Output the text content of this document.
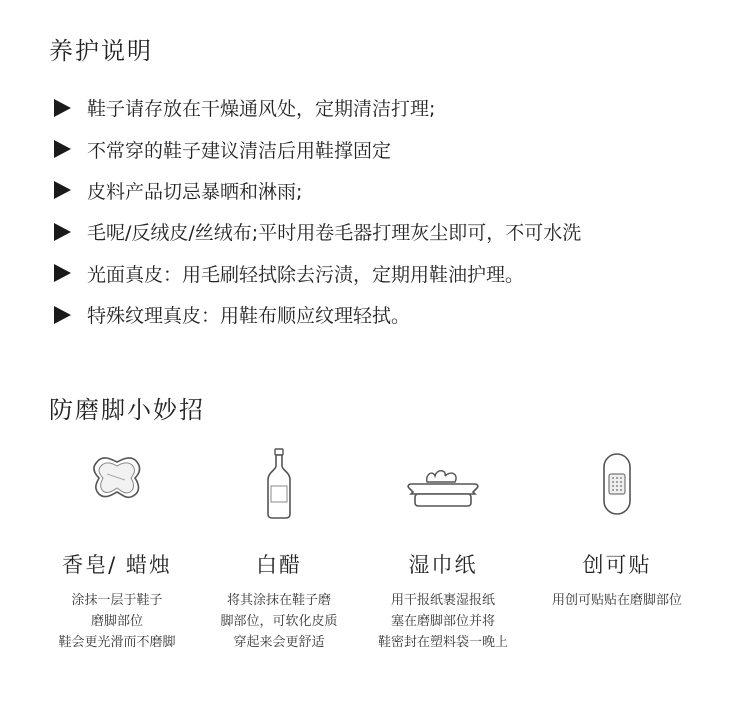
养护说明
鞋子请存放在干燥通风处，定期清洁打理;
不常穿的鞋子建议清洁后用鞋撑固定
皮料产品切忌暴晒和淋雨;
毛呢/反绒皮/丝绒布;平时用卷毛器打理灰尘即可，不可水洗
光面真皮：用毛刷轻拭除去污渍，定期用鞋油护理。
特殊纹理真皮：用鞋布顺应纹理轻拭。
防磨脚小妙招
香皂/ 蜡烛
涂抹一层于鞋子
磨脚部位
鞋会更光滑而不磨脚
白醋
将其涂抹在鞋子磨
脚部位，可软化皮质
穿起来会更舒适
湿巾纸
用干报纸裹湿报纸
塞在磨脚部位并将
鞋密封在塑料袋一晚上
创可贴
用创可贴贴在磨脚部位
